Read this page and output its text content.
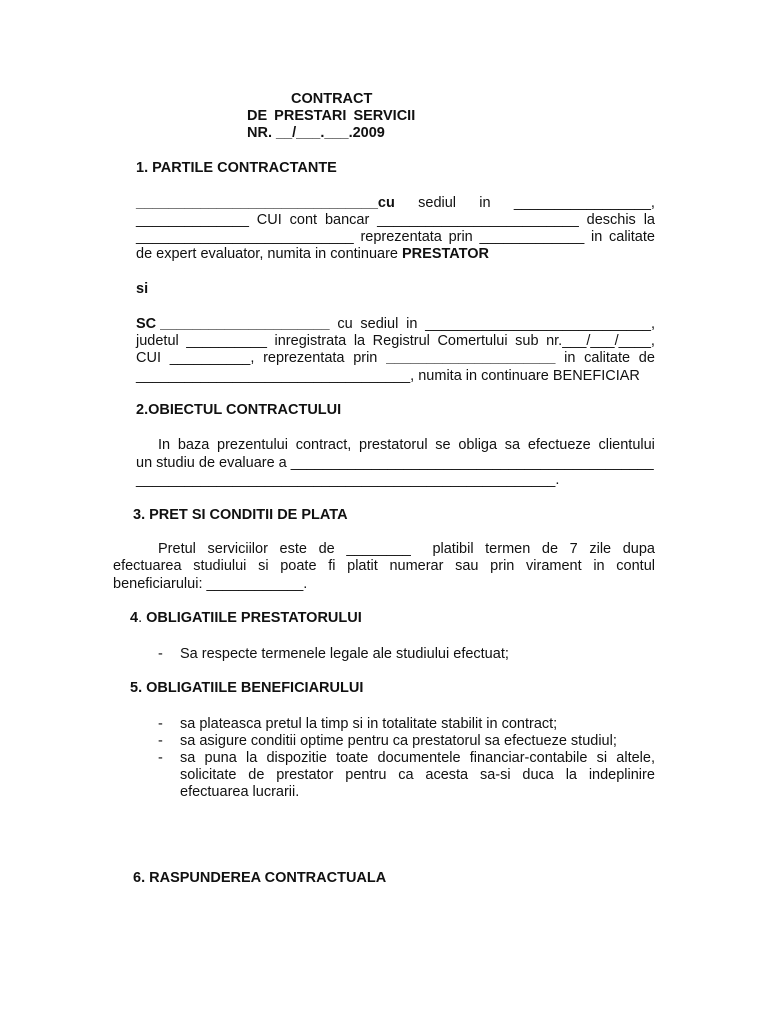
CONTRACT
DE PRESTARI SERVICII
NR. __/___.___.2009
1. PARTILE CONTRACTANTE
______________________________cu sediul in _________________,
______________ CUI cont bancar _________________________ deschis la
___________________________ reprezentata prin _____________ in calitate
de expert evaluator, numita in continuare PRESTATOR
si
SC _____________________ cu sediul in ____________________________,
judetul __________ inregistrata la Registrul Comertului sub nr.___/___/____,
CUI __________, reprezentata prin _____________________ in calitate de
__________________________________, numita in continuare BENEFICIAR
2.OBIECTUL CONTRACTULUI
In baza prezentului contract, prestatorul se obliga sa efectueze clientului
un studiu de evaluare a _____________________________________________
____________________________________________________.
3. PRET SI CONDITII DE PLATA
Pretul serviciilor este de ________ platibil termen de 7 zile dupa
efectuarea studiului si poate fi platit numerar sau prin virament in contul
beneficiarului: ____________.
4. OBLIGATIILE PRESTATORULUI
- Sa respecte termenele legale ale studiului efectuat;
5. OBLIGATIILE BENEFICIARULUI
- sa plateasca pretul la timp si in totalitate stabilit in contract;
- sa asigure conditii optime pentru ca prestatorul sa efectueze studiul;
- sa puna la dispozitie toate documentele financiar-contabile si altele,
solicitate de prestator pentru ca acesta sa-si duca la indeplinire
efectuarea lucrarii.
6. RASPUNDEREA CONTRACTUALA
